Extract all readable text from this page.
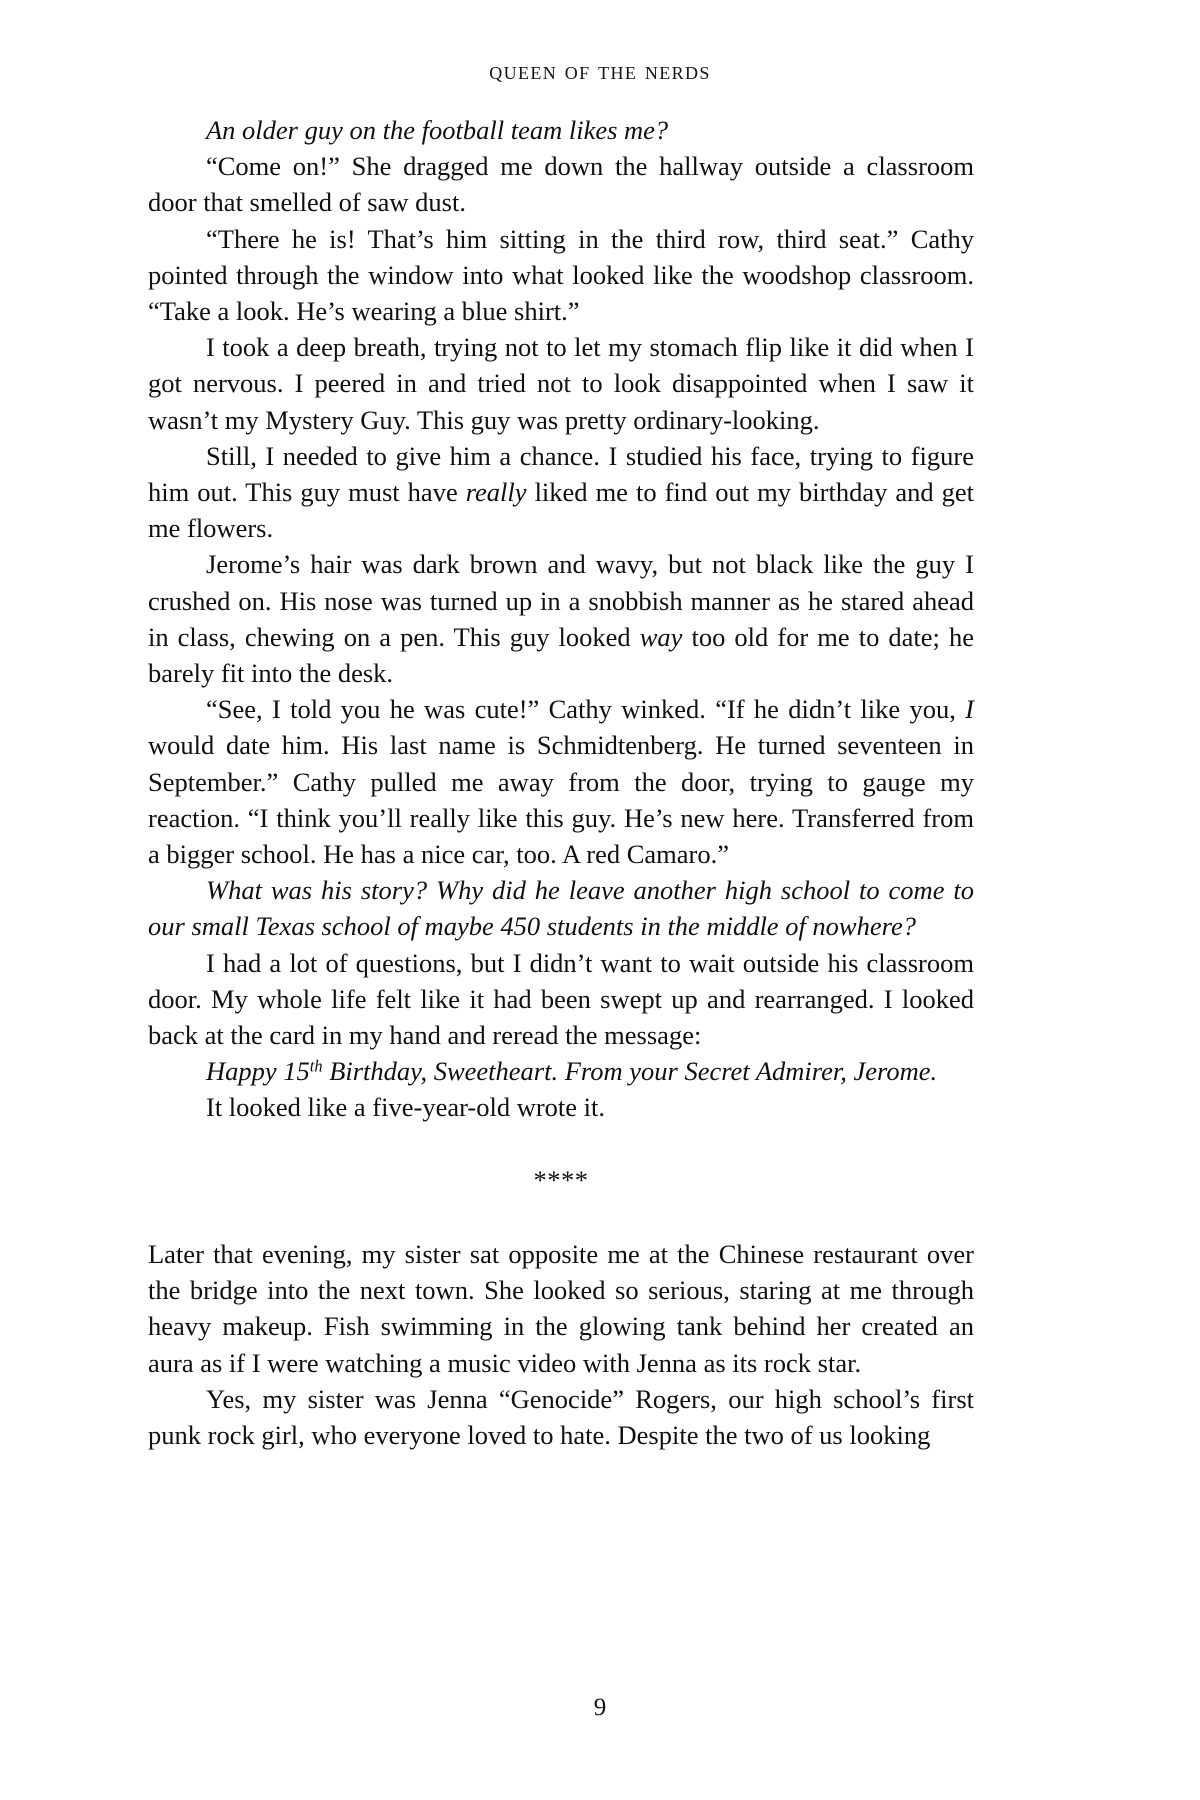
queen of the nerds

An older guy on the football team likes me?

“Come on!” She dragged me down the hallway outside a classroom door that smelled of saw dust.

“There he is! That’s him sitting in the third row, third seat.” Cathy pointed through the window into what looked like the woodshop classroom. “Take a look. He’s wearing a blue shirt.”

I took a deep breath, trying not to let my stomach flip like it did when I got nervous. I peered in and tried not to look disappointed when I saw it wasn’t my Mystery Guy. This guy was pretty ordinary-looking.

Still, I needed to give him a chance. I studied his face, trying to figure him out. This guy must have really liked me to find out my birthday and get me flowers.

Jerome’s hair was dark brown and wavy, but not black like the guy I crushed on. His nose was turned up in a snobbish manner as he stared ahead in class, chewing on a pen. This guy looked way too old for me to date; he barely fit into the desk.

“See, I told you he was cute!” Cathy winked. “If he didn’t like you, I would date him. His last name is Schmidtenberg. He turned seventeen in September.” Cathy pulled me away from the door, trying to gauge my reaction. “I think you’ll really like this guy. He’s new here. Transferred from a bigger school. He has a nice car, too. A red Camaro.”

What was his story? Why did he leave another high school to come to our small Texas school of maybe 450 students in the middle of nowhere?

I had a lot of questions, but I didn’t want to wait outside his classroom door. My whole life felt like it had been swept up and rearranged. I looked back at the card in my hand and reread the message:

Happy 15th Birthday, Sweetheart. From your Secret Admirer, Jerome.

It looked like a five-year-old wrote it.

****

Later that evening, my sister sat opposite me at the Chinese restaurant over the bridge into the next town. She looked so serious, staring at me through heavy makeup. Fish swimming in the glowing tank behind her created an aura as if I were watching a music video with Jenna as its rock star.

Yes, my sister was Jenna “Genocide” Rogers, our high school’s first punk rock girl, who everyone loved to hate. Despite the two of us looking

9
